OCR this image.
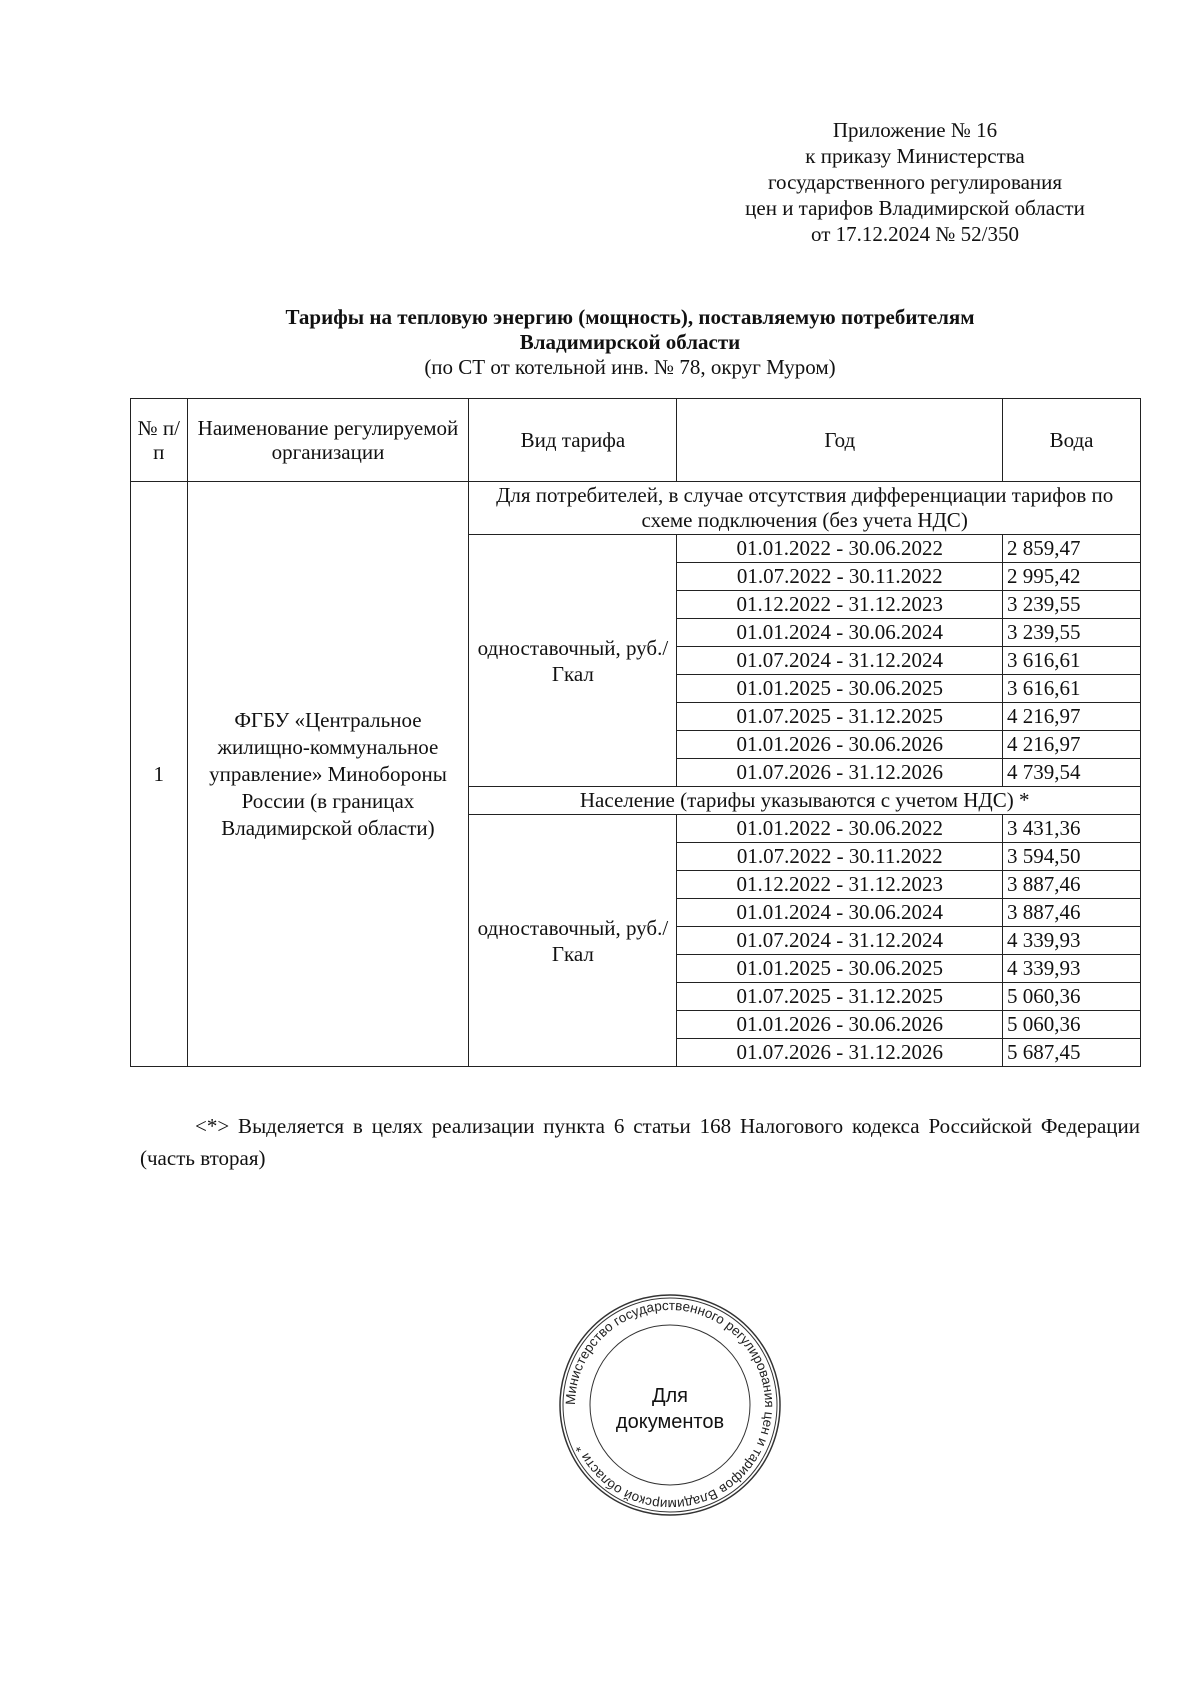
Приложение № 16
к приказу Министерства
государственного регулирования
цен и тарифов Владимирской области
от 17.12.2024 № 52/350
Тарифы на тепловую энергию (мощность), поставляемую потребителям
Владимирской области
(по СТ от котельной инв. № 78, округ Муром)
№ п/п	Наименование регулируемой организации	Вид тарифа	Год	Вода
1	ФГБУ «Центральное жилищно-коммунальное управление» Минобороны России (в границах Владимирской области)	Для потребителей, в случае отсутствия дифференциации тарифов по схеме подключения (без учета НДС)		
		одноставочный, руб./Гкал	01.01.2022 - 30.06.2022	2 859,47
			01.07.2022 - 30.11.2022	2 995,42
			01.12.2022 - 31.12.2023	3 239,55
			01.01.2024 - 30.06.2024	3 239,55
			01.07.2024 - 31.12.2024	3 616,61
			01.01.2025 - 30.06.2025	3 616,61
			01.07.2025 - 31.12.2025	4 216,97
			01.01.2026 - 30.06.2026	4 216,97
			01.07.2026 - 31.12.2026	4 739,54
		Население (тарифы указываются с учетом НДС) *		
		одноставочный, руб./Гкал	01.01.2022 - 30.06.2022	3 431,36
			01.07.2022 - 30.11.2022	3 594,50
			01.12.2022 - 31.12.2023	3 887,46
			01.01.2024 - 30.06.2024	3 887,46
			01.07.2024 - 31.12.2024	4 339,93
			01.01.2025 - 30.06.2025	4 339,93
			01.07.2025 - 31.12.2025	5 060,36
			01.01.2026 - 30.06.2026	5 060,36
			01.07.2026 - 31.12.2026	5 687,45
<*> Выделяется в целях реализации пункта 6 статьи 168 Налогового кодекса Российской Федерации (часть вторая)
Министерство государственного регулирования цен и тарифов Владимирской области *
Для
документов
